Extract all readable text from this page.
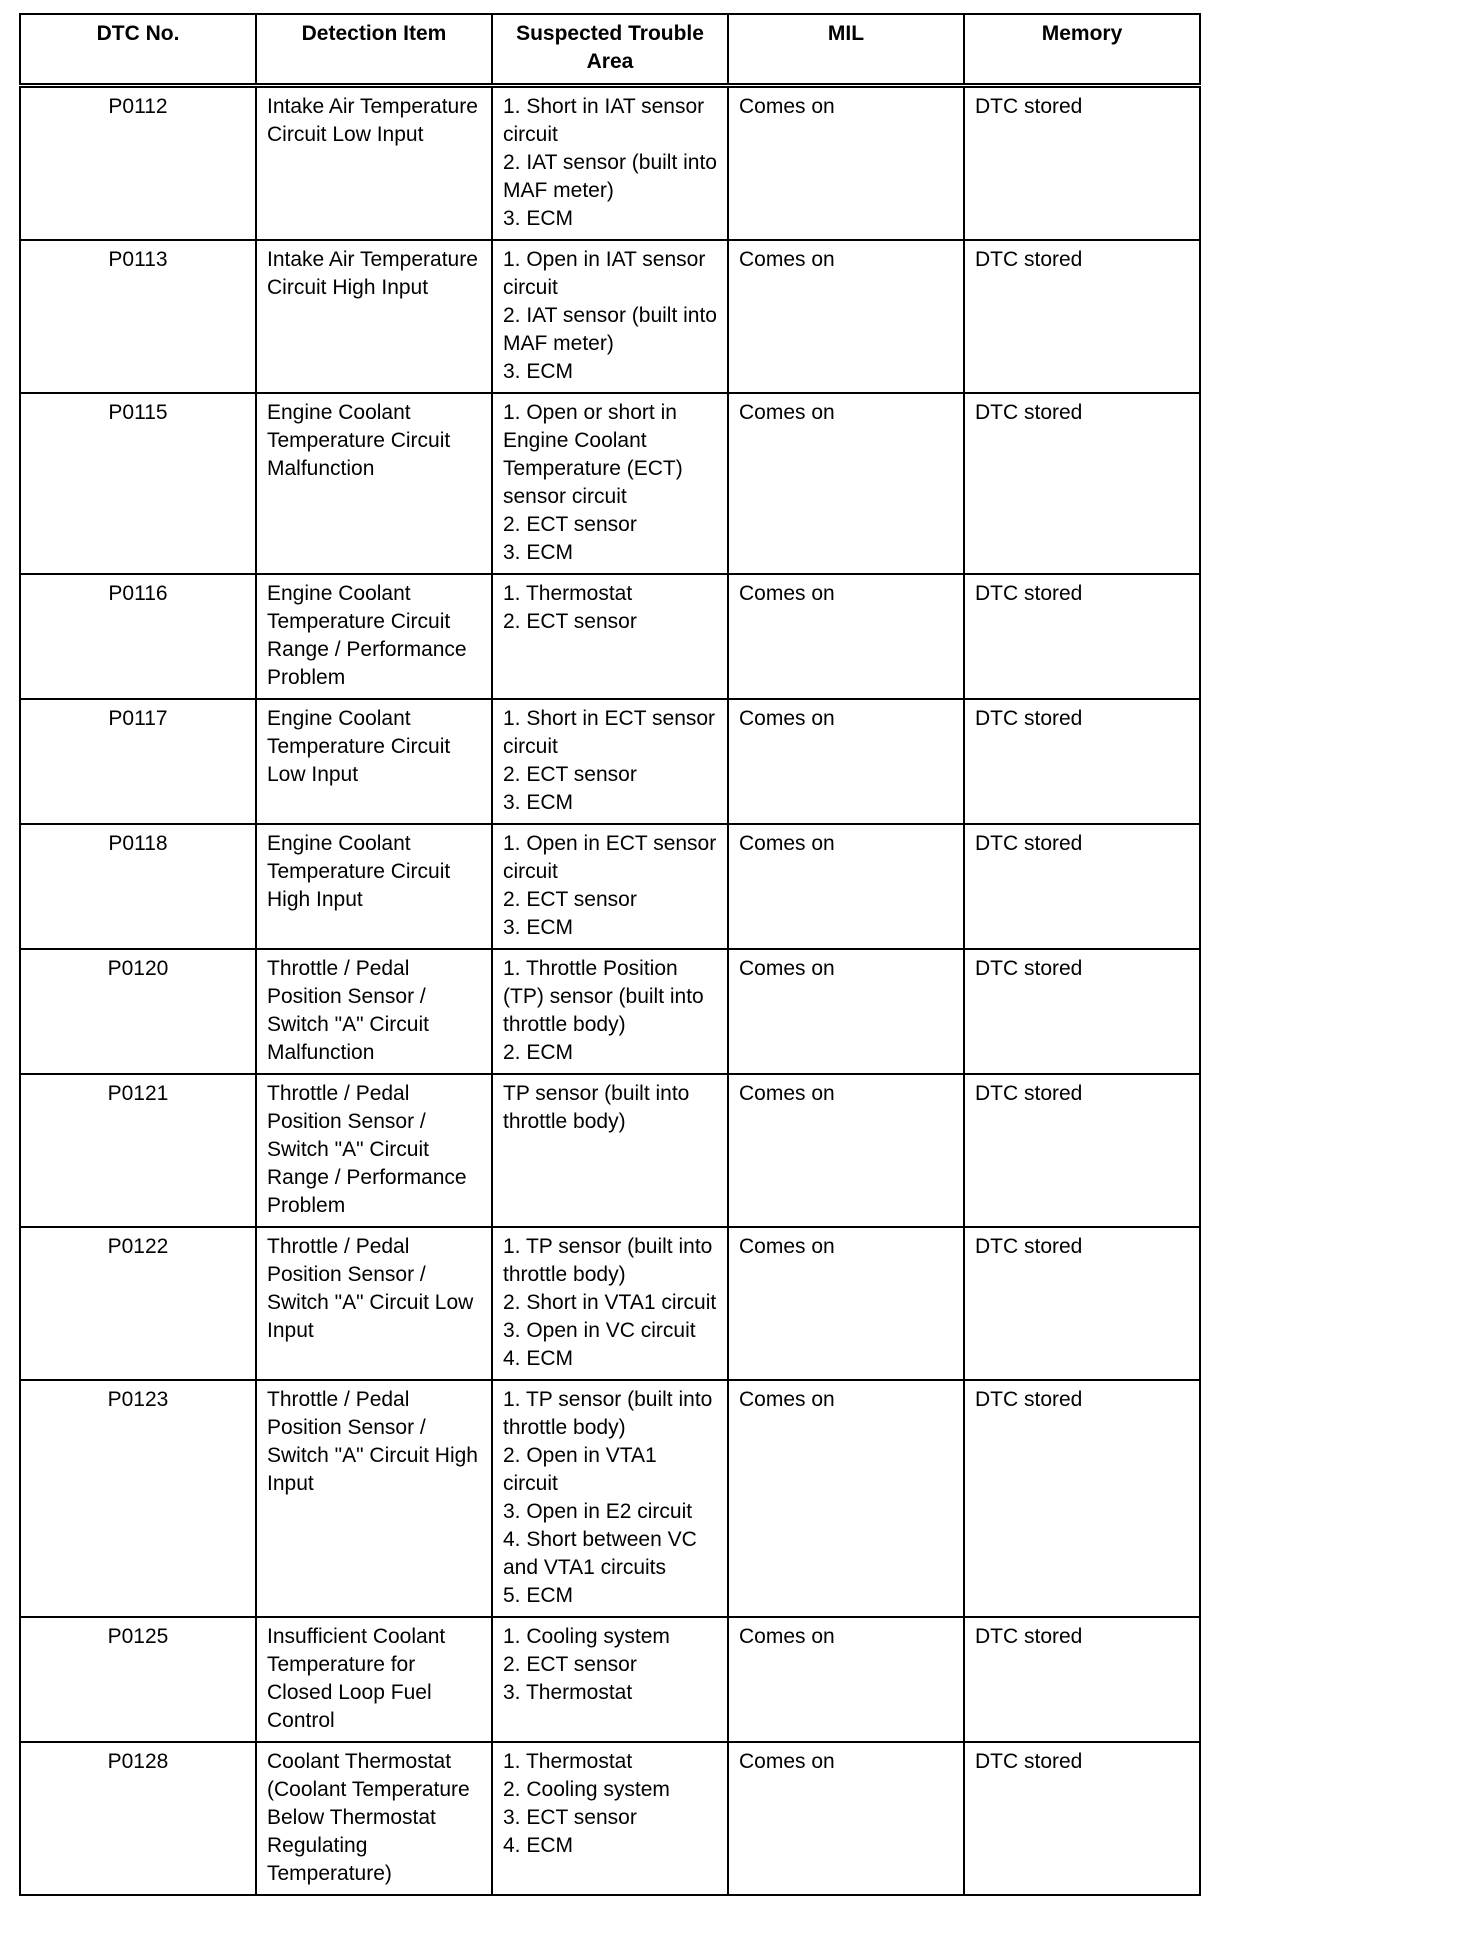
DTC No.	Detection Item	Suspected Trouble Area	MIL	Memory
P0112	Intake Air Temperature Circuit Low Input	1. Short in IAT sensor circuit
2. IAT sensor (built into MAF meter)
3. ECM	Comes on	DTC stored
P0113	Intake Air Temperature Circuit High Input	1. Open in IAT sensor circuit
2. IAT sensor (built into MAF meter)
3. ECM	Comes on	DTC stored
P0115	Engine Coolant Temperature Circuit Malfunction	1. Open or short in Engine Coolant Temperature (ECT) sensor circuit
2. ECT sensor
3. ECM	Comes on	DTC stored
P0116	Engine Coolant Temperature Circuit Range / Performance Problem	1. Thermostat
2. ECT sensor	Comes on	DTC stored
P0117	Engine Coolant Temperature Circuit Low Input	1. Short in ECT sensor circuit
2. ECT sensor
3. ECM	Comes on	DTC stored
P0118	Engine Coolant Temperature Circuit High Input	1. Open in ECT sensor circuit
2. ECT sensor
3. ECM	Comes on	DTC stored
P0120	Throttle / Pedal Position Sensor / Switch "A" Circuit Malfunction	1. Throttle Position (TP) sensor (built into throttle body)
2. ECM	Comes on	DTC stored
P0121	Throttle / Pedal Position Sensor / Switch "A" Circuit Range / Performance Problem	TP sensor (built into throttle body)	Comes on	DTC stored
P0122	Throttle / Pedal Position Sensor / Switch "A" Circuit Low Input	1. TP sensor (built into throttle body)
2. Short in VTA1 circuit
3. Open in VC circuit
4. ECM	Comes on	DTC stored
P0123	Throttle / Pedal Position Sensor / Switch "A" Circuit High Input	1. TP sensor (built into throttle body)
2. Open in VTA1 circuit
3. Open in E2 circuit
4. Short between VC and VTA1 circuits
5. ECM	Comes on	DTC stored
P0125	Insufficient Coolant Temperature for Closed Loop Fuel Control	1. Cooling system
2. ECT sensor
3. Thermostat	Comes on	DTC stored
P0128	Coolant Thermostat (Coolant Temperature Below Thermostat Regulating Temperature)	1. Thermostat
2. Cooling system
3. ECT sensor
4. ECM	Comes on	DTC stored
